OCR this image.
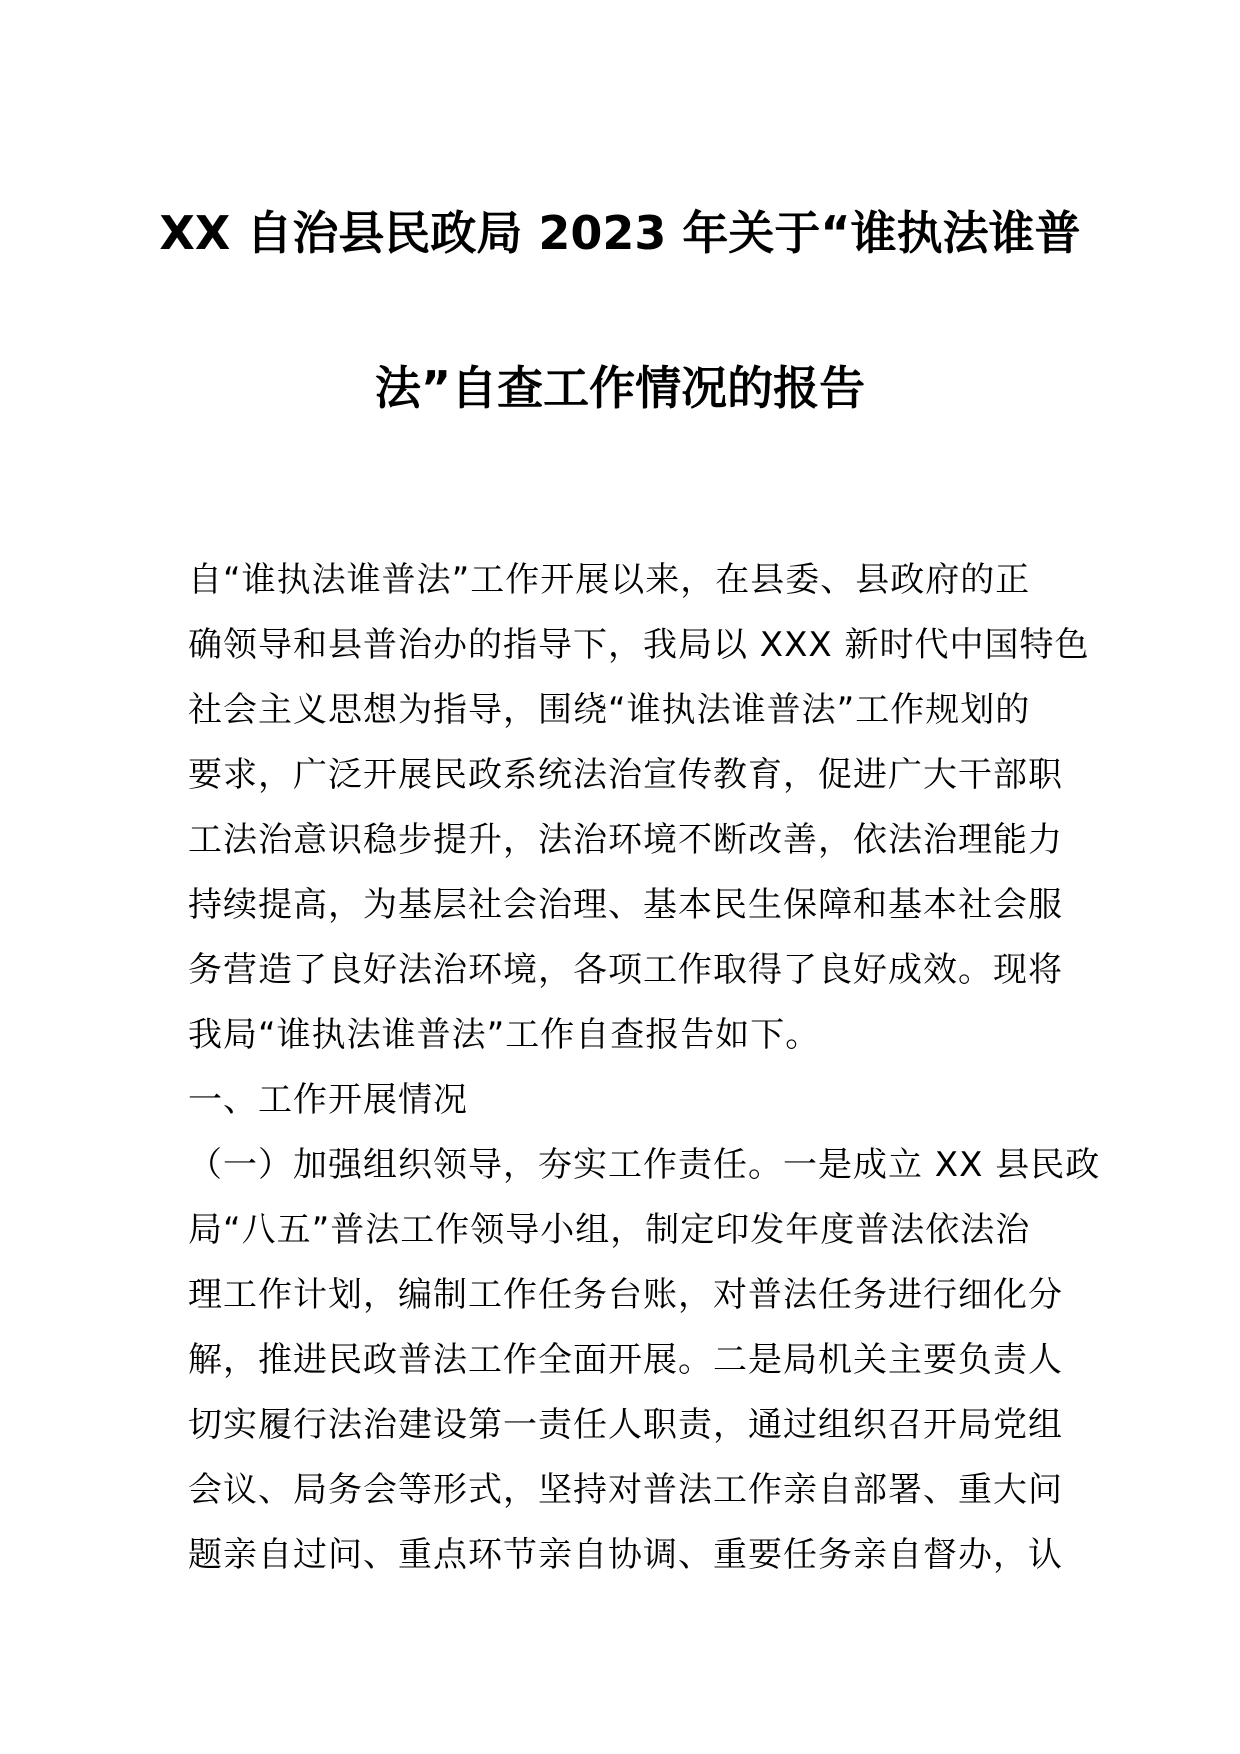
XX 自治县民政局 2023 年关于“谁执法谁普
法”自查工作情况的报告
自“谁执法谁普法”工作开展以来，在县委、县政府的正
确领导和县普治办的指导下，我局以 XXX 新时代中国特色
社会主义思想为指导，围绕“谁执法谁普法”工作规划的
要求，广泛开展民政系统法治宣传教育，促进广大干部职
工法治意识稳步提升，法治环境不断改善，依法治理能力
持续提高，为基层社会治理、基本民生保障和基本社会服
务营造了良好法治环境，各项工作取得了良好成效。现将
我局“谁执法谁普法”工作自查报告如下。
一、工作开展情况
（一）加强组织领导，夯实工作责任。一是成立 XX 县民政
局“八五”普法工作领导小组，制定印发年度普法依法治
理工作计划，编制工作任务台账，对普法任务进行细化分
解，推进民政普法工作全面开展。二是局机关主要负责人
切实履行法治建设第一责任人职责，通过组织召开局党组
会议、局务会等形式，坚持对普法工作亲自部署、重大问
题亲自过问、重点环节亲自协调、重要任务亲自督办，认
